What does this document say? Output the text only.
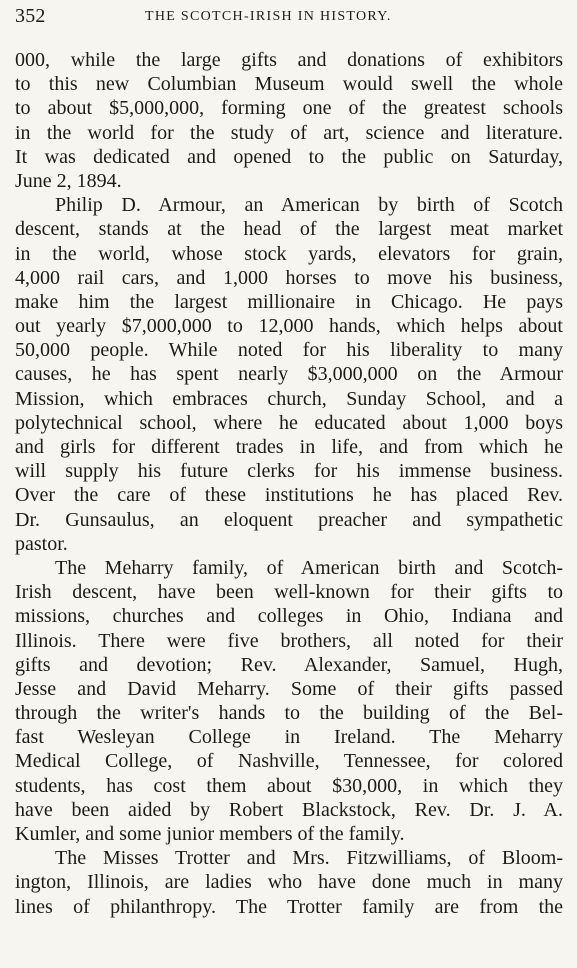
352	THE SCOTCH-IRISH IN HISTORY.
000, while the large gifts and donations of exhibitors
to this new Columbian Museum would swell the whole
to about $5,000,000, forming one of the greatest schools
in the world for the study of art, science and literature.
It was dedicated and opened to the public on Saturday,
June 2, 1894.
Philip D. Armour, an American by birth of Scotch
descent, stands at the head of the largest meat market
in the world, whose stock yards, elevators for grain,
4,000 rail cars, and 1,000 horses to move his business,
make him the largest millionaire in Chicago. He pays
out yearly $7,000,000 to 12,000 hands, which helps about
50,000 people. While noted for his liberality to many
causes, he has spent nearly $3,000,000 on the Armour
Mission, which embraces church, Sunday School, and a
polytechnical school, where he educated about 1,000 boys
and girls for different trades in life, and from which he
will supply his future clerks for his immense business.
Over the care of these institutions he has placed Rev.
Dr. Gunsaulus, an eloquent preacher and sympathetic
pastor.
The Meharry family, of American birth and Scotch-
Irish descent, have been well-known for their gifts to
missions, churches and colleges in Ohio, Indiana and
Illinois. There were five brothers, all noted for their
gifts and devotion; Rev. Alexander, Samuel, Hugh,
Jesse and David Meharry. Some of their gifts passed
through the writer's hands to the building of the Bel-
fast Wesleyan College in Ireland. The Meharry
Medical College, of Nashville, Tennessee, for colored
students, has cost them about $30,000, in which they
have been aided by Robert Blackstock, Rev. Dr. J. A.
Kumler, and some junior members of the family.
The Misses Trotter and Mrs. Fitzwilliams, of Bloom-
ington, Illinois, are ladies who have done much in many
lines of philanthropy. The Trotter family are from the
